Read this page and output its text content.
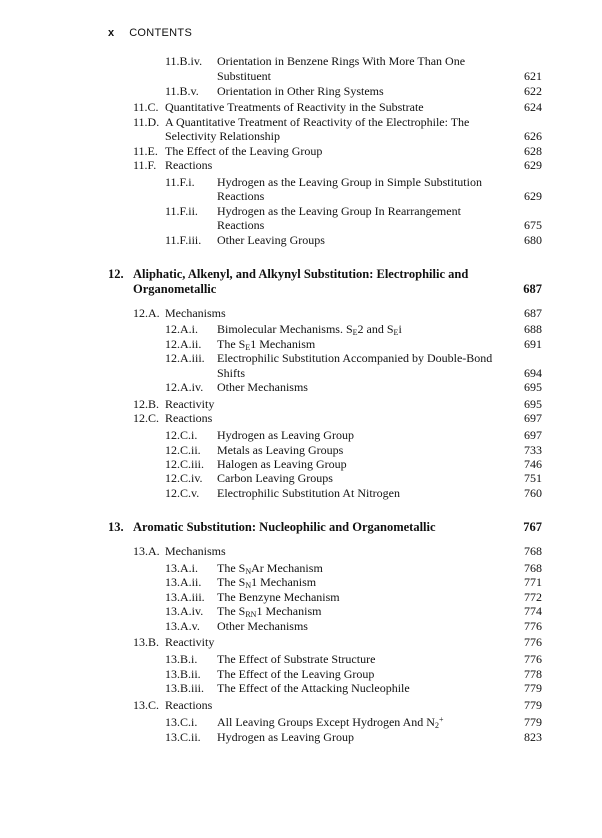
x CONTENTS
11.B.iv. Orientation in Benzene Rings With More Than One
Substituent	621
11.B.v. Orientation in Other Ring Systems	622
11.C. Quantitative Treatments of Reactivity in the Substrate	624
11.D. A Quantitative Treatment of Reactivity of the Electrophile: The
Selectivity Relationship	626
11.E. The Effect of the Leaving Group	628
11.F. Reactions	629
11.F.i. Hydrogen as the Leaving Group in Simple Substitution
Reactions	629
11.F.ii. Hydrogen as the Leaving Group In Rearrangement
Reactions	675
11.F.iii. Other Leaving Groups	680
12. Aliphatic, Alkenyl, and Alkynyl Substitution: Electrophilic and
Organometallic	687
12.A. Mechanisms	687
12.A.i. Bimolecular Mechanisms. $S_E2$ and $S_Ei$	688
12.A.ii. The $S_E1$ Mechanism	691
12.A.iii. Electrophilic Substitution Accompanied by Double-Bond
Shifts	694
12.A.iv. Other Mechanisms	695
12.B. Reactivity	695
12.C. Reactions	697
12.C.i. Hydrogen as Leaving Group	697
12.C.ii. Metals as Leaving Groups	733
12.C.iii. Halogen as Leaving Group	746
12.C.iv. Carbon Leaving Groups	751
12.C.v. Electrophilic Substitution At Nitrogen	760
13. Aromatic Substitution: Nucleophilic and Organometallic	767
13.A. Mechanisms	768
13.A.i. The $S_NAr$ Mechanism	768
13.A.ii. The $S_N1$ Mechanism	771
13.A.iii. The Benzyne Mechanism	772
13.A.iv. The $S_{RN}1$ Mechanism	774
13.A.v. Other Mechanisms	776
13.B. Reactivity	776
13.B.i. The Effect of Substrate Structure	776
13.B.ii. The Effect of the Leaving Group	778
13.B.iii. The Effect of the Attacking Nucleophile	779
13.C. Reactions	779
13.C.i. All Leaving Groups Except Hydrogen And $N_2^+$	779
13.C.ii. Hydrogen as Leaving Group	823
